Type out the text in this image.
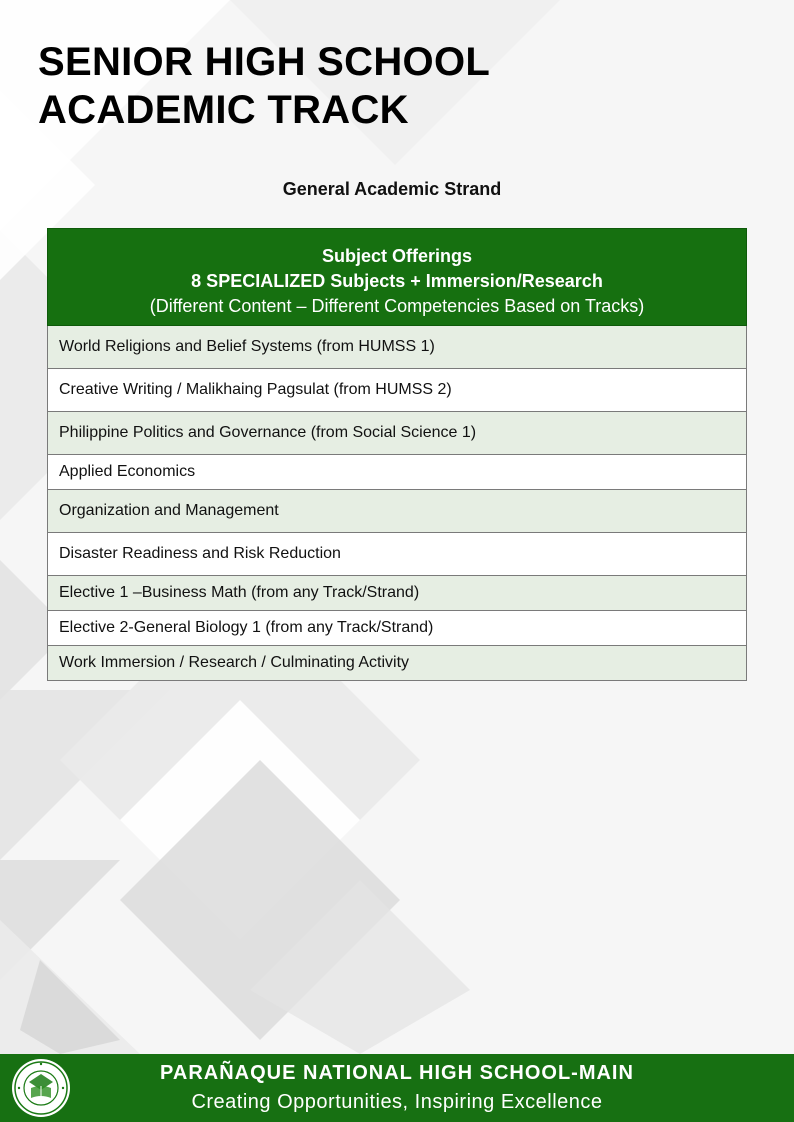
SENIOR HIGH SCHOOL
ACADEMIC TRACK
General Academic Strand
Subject Offerings
8 SPECIALIZED Subjects + Immersion/Research
(Different Content – Different Competencies Based on Tracks)
World Religions and Belief Systems (from HUMSS 1)
Creative Writing / Malikhaing Pagsulat (from HUMSS 2)
Philippine Politics and Governance (from Social Science 1)
Applied Economics
Organization and Management
Disaster Readiness and Risk Reduction
Elective 1 –Business Math (from any Track/Strand)
Elective 2-General Biology 1 (from any Track/Strand)
Work Immersion / Research / Culminating Activity
PARAÑAQUE NATIONAL HIGH SCHOOL-MAIN
Creating Opportunities, Inspiring Excellence
